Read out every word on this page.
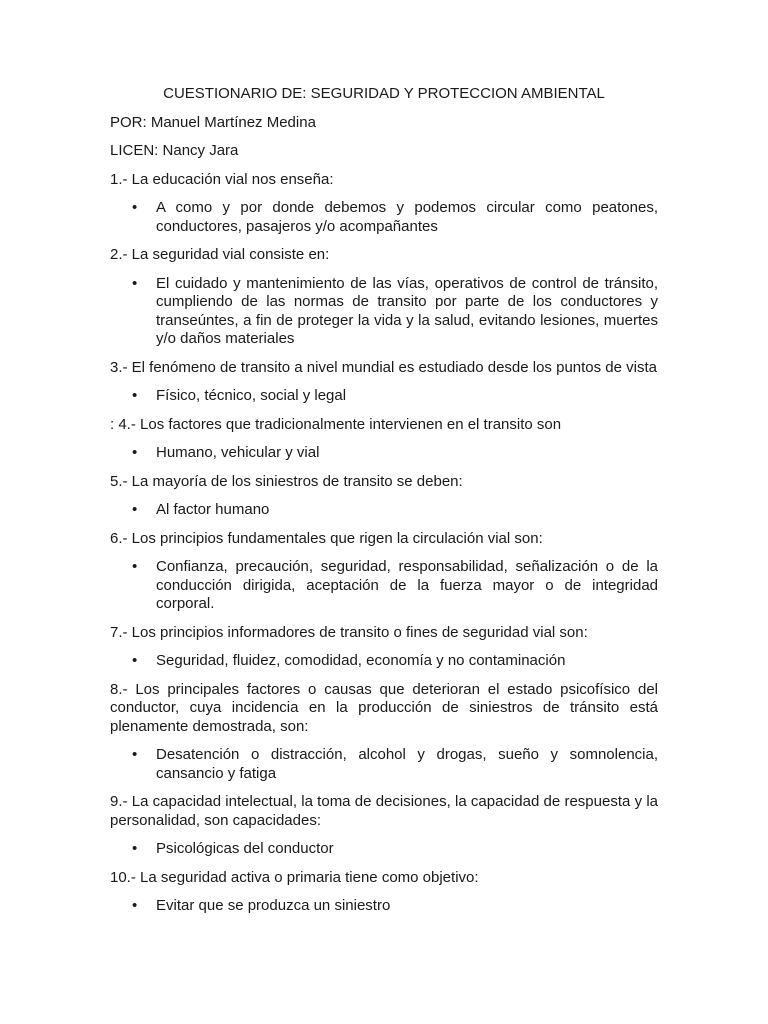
CUESTIONARIO DE: SEGURIDAD Y PROTECCION AMBIENTAL

POR: Manuel Martínez Medina

LICEN: Nancy Jara

1.- La educación vial nos enseña:

• A como y por donde debemos y podemos circular como peatones, conductores, pasajeros y/o acompañantes

2.- La seguridad vial consiste en:

• El cuidado y mantenimiento de las vías, operativos de control de tránsito, cumpliendo de las normas de transito por parte de los conductores y transeúntes, a fin de proteger la vida y la salud, evitando lesiones, muertes y/o daños materiales

3.- El fenómeno de transito a nivel mundial es estudiado desde los puntos de vista

• Físico, técnico, social y legal

: 4.- Los factores que tradicionalmente intervienen en el transito son

• Humano, vehicular y vial

5.- La mayoría de los siniestros de transito se deben:

• Al factor humano

6.- Los principios fundamentales que rigen la circulación vial son:

• Confianza, precaución, seguridad, responsabilidad, señalización o de la conducción dirigida, aceptación de la fuerza mayor o de integridad corporal.

7.- Los principios informadores de transito o fines de seguridad vial son:

• Seguridad, fluidez, comodidad, economía y no contaminación

8.- Los principales factores o causas que deterioran el estado psicofísico del conductor, cuya incidencia en la producción de siniestros de tránsito está plenamente demostrada, son:

• Desatención o distracción, alcohol y drogas, sueño y somnolencia, cansancio y fatiga

9.- La capacidad intelectual, la toma de decisiones, la capacidad de respuesta y la personalidad, son capacidades:

• Psicológicas del conductor

10.- La seguridad activa o primaria tiene como objetivo:

• Evitar que se produzca un siniestro
